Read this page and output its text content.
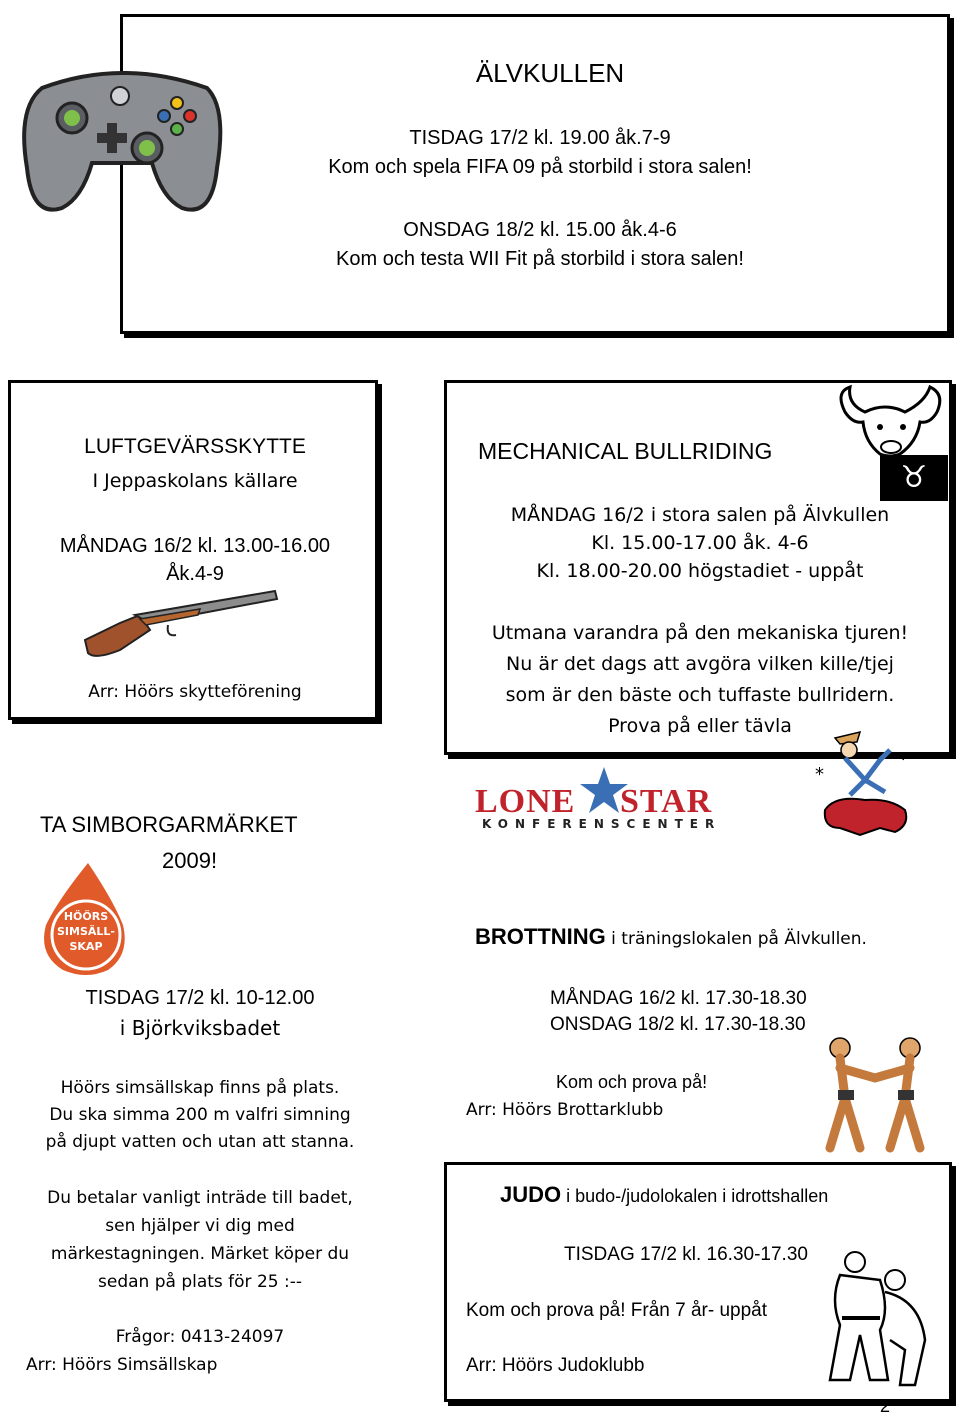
ÄLVKULLEN
TISDAG 17/2 kl. 19.00 åk.7-9
Kom och spela FIFA 09 på storbild i stora salen!
ONSDAG 18/2 kl. 15.00 åk.4-6
Kom och testa WII Fit på storbild i stora salen!
LUFTGEVÄRSSKYTTE
I Jeppaskolans källare
MÅNDAG 16/2 kl. 13.00-16.00
Åk.4-9
Arr: Höörs skytteförening
MECHANICAL BULLRIDING
♉
MÅNDAG 16/2 i stora salen på Älvkullen
Kl. 15.00-17.00 åk. 4-6
Kl. 18.00-20.00 högstadiet - uppåt
Utmana varandra på den mekaniska tjuren!
Nu är det dags att avgöra vilken kille/tjej
som är den bäste och tuffaste bullridern.
Prova på eller tävla
LONE STAR
KONFERENSCENTER
*
TA SIMBORGARMÄRKET
2009!
HÖÖRS
SIMSÄLL-
SKAP
TISDAG 17/2 kl. 10-12.00
i Björkviksbadet
Höörs simsällskap finns på plats.
Du ska simma 200 m valfri simning
på djupt vatten och utan att stanna.
Du betalar vanligt inträde till badet,
sen hjälper vi dig med
märkestagningen. Märket köper du
sedan på plats för 25 :--
Frågor: 0413-24097
Arr: Höörs Simsällskap
BROTTNING i träningslokalen på Älvkullen.
MÅNDAG 16/2 kl. 17.30-18.30
ONSDAG 18/2 kl. 17.30-18.30
Kom och prova på!
Arr: Höörs Brottarklubb
JUDO i budo-/judolokalen i idrottshallen
TISDAG 17/2 kl. 16.30-17.30
Kom och prova på! Från 7 år- uppåt
Arr: Höörs Judoklubb
2
